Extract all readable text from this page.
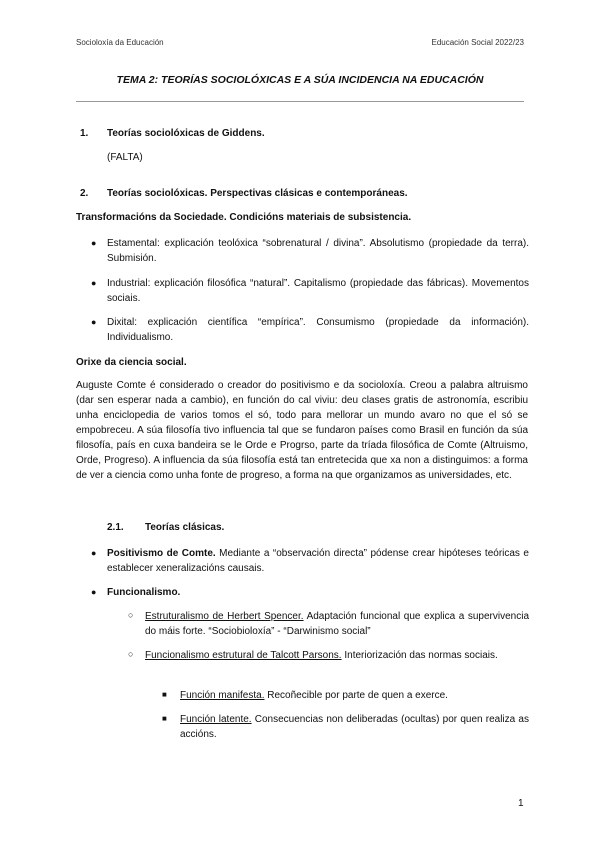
Socioloxía da Educación	Educación Social 2022/23
TEMA 2: TEORÍAS SOCIOLÓXICAS E A SÚA INCIDENCIA NA EDUCACIÓN
1. Teorías sociolóxicas de Giddens.
(FALTA)
2. Teorías sociolóxicas. Perspectivas clásicas e contemporáneas.
Transformacións da Sociedade. Condicións materiais de subsistencia.
● Estamental: explicación teolóxica “sobrenatural / divina”. Absolutismo (propiedade da terra). Submisión.
● Industrial: explicación filosófica “natural”. Capitalismo (propiedade das fábricas). Movementos sociais.
● Dixital: explicación científica “empírica”. Consumismo (propiedade da información). Individualismo.
Orixe da ciencia social.
Auguste Comte é considerado o creador do positivismo e da socioloxía. Creou a palabra altruismo (dar sen esperar nada a cambio), en función do cal viviu: deu clases gratis de astronomía, escribiu unha enciclopedia de varios tomos el só, todo para mellorar un mundo avaro no que el só se empobreceu. A súa filosofía tivo influencia tal que se fundaron países como Brasil en función da súa filosofía, país en cuxa bandeira se le Orde e Progrso, parte da tríada filosófica de Comte (Altruismo, Orde, Progreso). A influencia da súa filosofía está tan entretecida que xa non a distinguimos: a forma de ver a ciencia como unha fonte de progreso, a forma na que organizamos as universidades, etc.
2.1. Teorías clásicas.
● Positivismo de Comte. Mediante a “observación directa” pódense crear hipóteses teóricas e establecer xeneralizacións causais.
● Funcionalismo.
○ Estruturalismo de Herbert Spencer. Adaptación funcional que explica a supervivencia do máis forte. “Sociobioloxía” - “Darwinismo social”
○ Funcionalismo estrutural de Talcott Parsons. Interiorización das normas sociais.
■ Función manifesta. Recoñecible por parte de quen a exerce.
■ Función latente. Consecuencias non deliberadas (ocultas) por quen realiza as accións.
1
